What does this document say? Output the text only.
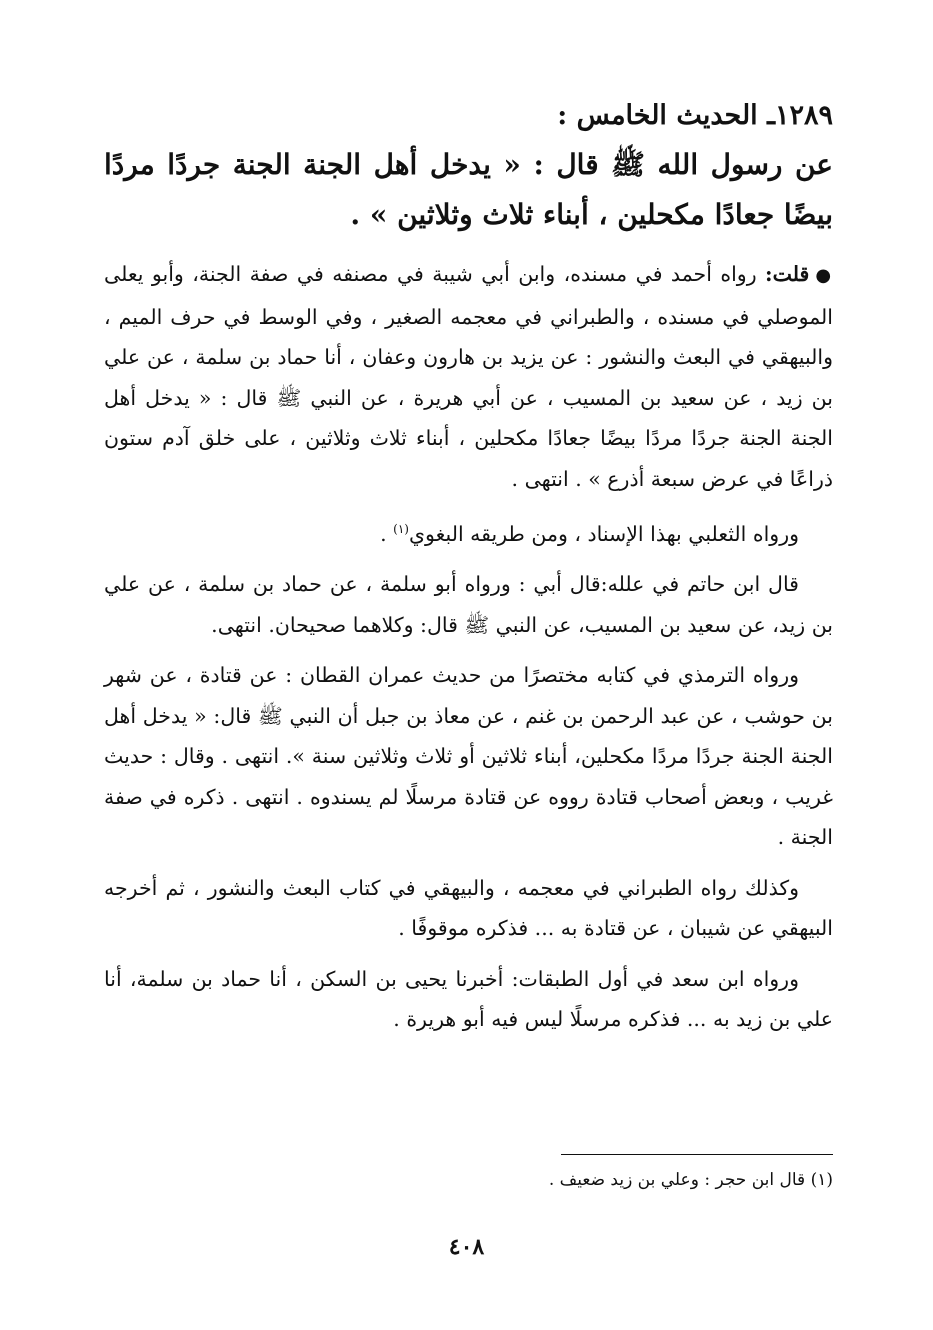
١٢٨٩ـ الحديث الخامس :

عن رسول الله ﷺ قال : « يدخل أهل الجنة الجنة جردًا مردًا بيضًا جعادًا مكحلين ، أبناء ثلاث وثلاثين » .

●قلت: رواه أحمد في مسنده، وابن أبي شيبة في مصنفه في صفة الجنة، وأبو يعلى الموصلي في مسنده ، والطبراني في معجمه الصغير ، وفي الوسط في حرف الميم ، والبيهقي في البعث والنشور : عن يزيد بن هارون وعفان ، أنا حماد بن سلمة ، عن علي بن زيد ، عن سعيد بن المسيب ، عن أبي هريرة ، عن النبي ﷺ قال : « يدخل أهل الجنة الجنة جردًا مردًا بيضًا جعادًا مكحلين ، أبناء ثلاث وثلاثين ، على خلق آدم ستون ذراعًا في عرض سبعة أذرع » . انتهى .

ورواه الثعلبي بهذا الإسناد ، ومن طريقه البغوي$^{(١)}$ .

قال ابن حاتم في علله:قال أبي : ورواه أبو سلمة ، عن حماد بن سلمة ، عن علي بن زيد، عن سعيد بن المسيب، عن النبي ﷺ قال: وكلاهما صحيحان. انتهى.

ورواه الترمذي في كتابه مختصرًا من حديث عمران القطان : عن قتادة ، عن شهر بن حوشب ، عن عبد الرحمن بن غنم ، عن معاذ بن جبل أن النبي ﷺ قال: « يدخل أهل الجنة الجنة جردًا مردًا مكحلين، أبناء ثلاثين أو ثلاث وثلاثين سنة ». انتهى . وقال : حديث غريب ، وبعض أصحاب قتادة رووه عن قتادة مرسلًا لم يسندوه . انتهى . ذكره في صفة الجنة .

وكذلك رواه الطبراني في معجمه ، والبيهقي في كتاب البعث والنشور ، ثم أخرجه البيهقي عن شيبان ، عن قتادة به ... فذكره موقوفًا .

ورواه ابن سعد في أول الطبقات: أخبرنا يحيى بن السكن ، أنا حماد بن سلمة، أنا علي بن زيد به ... فذكره مرسلًا ليس فيه أبو هريرة .

(١) قال ابن حجر : وعلي بن زيد ضعيف .
٤٠٨
